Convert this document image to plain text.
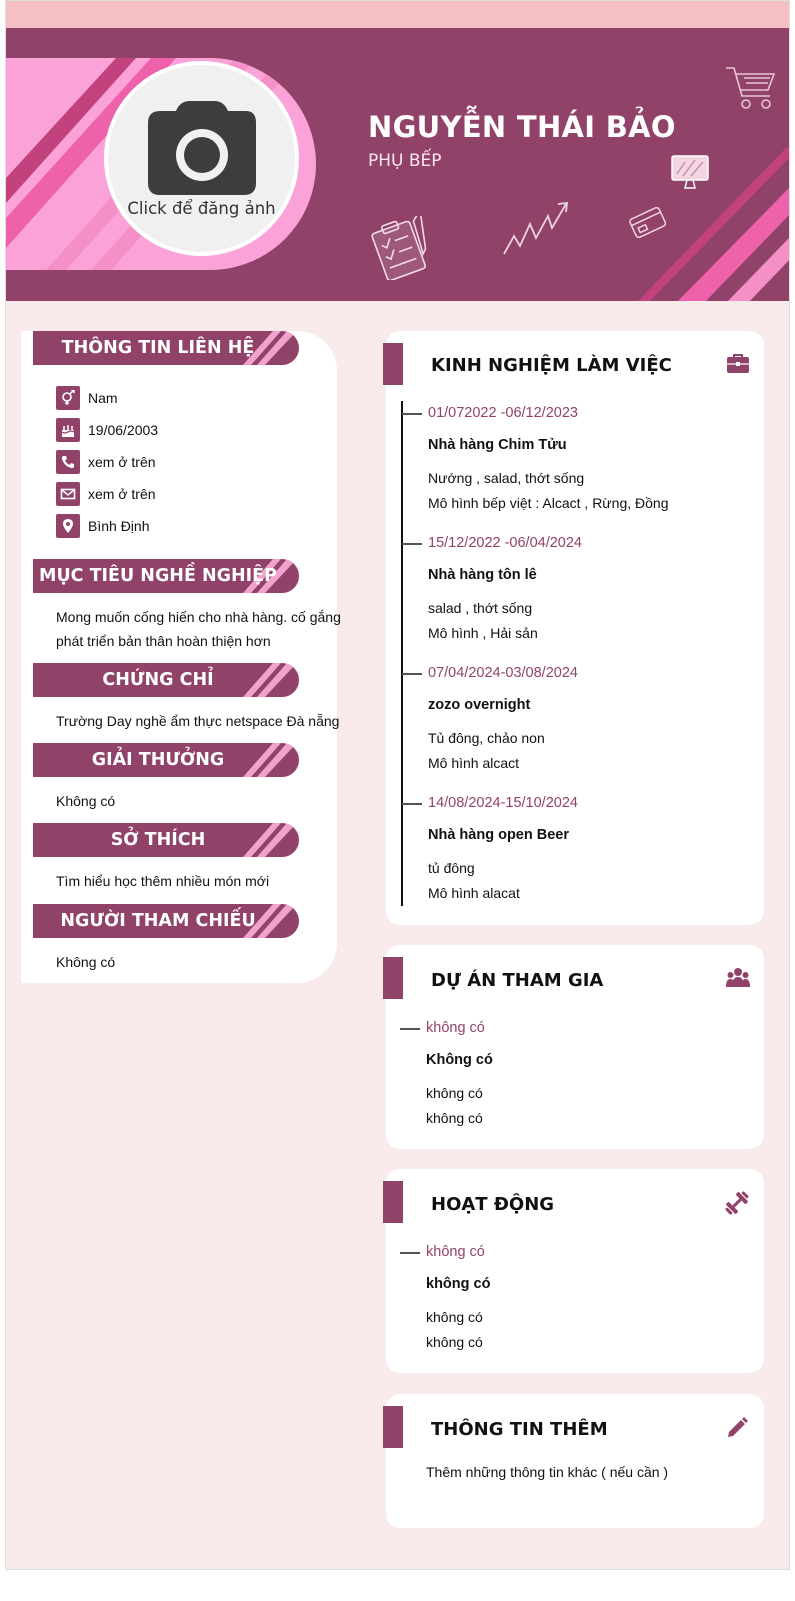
Click để đăng ảnh
NGUYỄN THÁI BẢO
PHỤ BẾP
THÔNG TIN LIÊN HỆ
Nam
19/06/2003
xem ở trên
xem ở trên
Bình Định
MỤC TIÊU NGHỀ NGHIỆP
Mong muốn cống hiến cho nhà hàng. cố gắng
phát triển bản thân hoàn thiện hơn
CHỨNG CHỈ
Trường Day nghề ẩm thực netspace Đà nẵng
GIẢI THƯỞNG
Không có
SỞ THÍCH
Tìm hiểu học thêm nhiều món mới
NGƯỜI THAM CHIẾU
Không có
KINH NGHIỆM LÀM VIỆC
01/072022 -06/12/2023
Nhà hàng Chim Tửu
Nướng , salad, thớt sống
Mô hình bếp việt : Alcact , Rừng, Đồng
15/12/2022 -06/04/2024
Nhà hàng tôn lê
salad , thớt sống
Mô hình , Hải sản
07/04/2024-03/08/2024
zozo overnight
Tủ đông, chảo non
Mô hình alcact
14/08/2024-15/10/2024
Nhà hàng open Beer
tủ đông
Mô hình alacat
DỰ ÁN THAM GIA
không có
Không có
không có
không có
HOẠT ĐỘNG
không có
không có
không có
không có
THÔNG TIN THÊM
Thêm những thông tin khác ( nếu cần )
